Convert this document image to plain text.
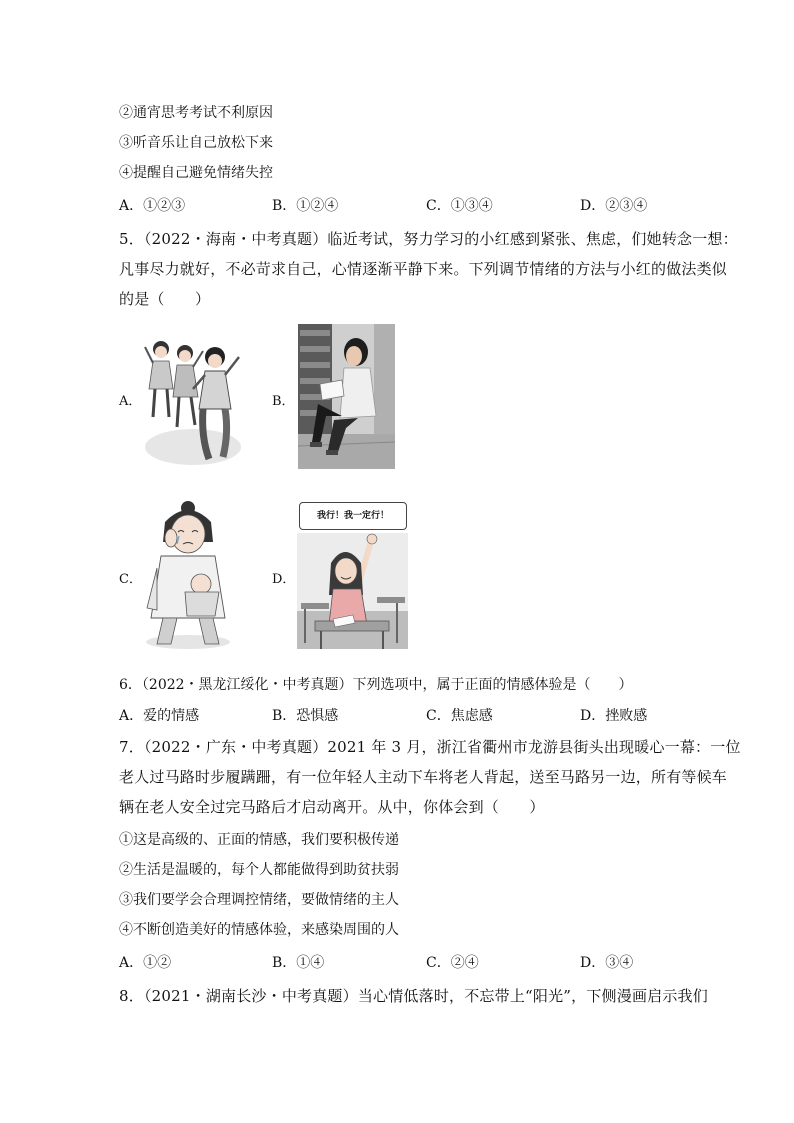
②通宵思考考试不利原因
③听音乐让自己放松下来
④提醒自己避免情绪失控
A．①②③	B．①②④	C．①③④	D．②③④
5．（2022・海南・中考真题）临近考试，努力学习的小红感到紧张、焦虑，们她转念一想：
凡事尽力就好，不必苛求自己，心情逐渐平静下来。下列调节情绪的方法与小红的做法类似
的是（　　）
A．	B．
C．	D．
我行！我一定行！
6．（2022・黑龙江绥化・中考真题）下列选项中，属于正面的情感体验是（　　）
A．爱的情感	B．恐惧感	C．焦虑感	D．挫败感
7．（2022・广东・中考真题）2021 年 3 月，浙江省衢州市龙游县街头出现暖心一幕：一位
老人过马路时步履蹒跚，有一位年轻人主动下车将老人背起，送至马路另一边，所有等候车
辆在老人安全过完马路后才启动离开。从中，你体会到（　　）
①这是高级的、正面的情感，我们要积极传递
②生活是温暖的，每个人都能做得到助贫扶弱
③我们要学会合理调控情绪，要做情绪的主人
④不断创造美好的情感体验，来感染周围的人
A．①②	B．①④	C．②④	D．③④
8．（2021・湖南长沙・中考真题）当心情低落时，不忘带上“阳光”，下侧漫画启示我们
